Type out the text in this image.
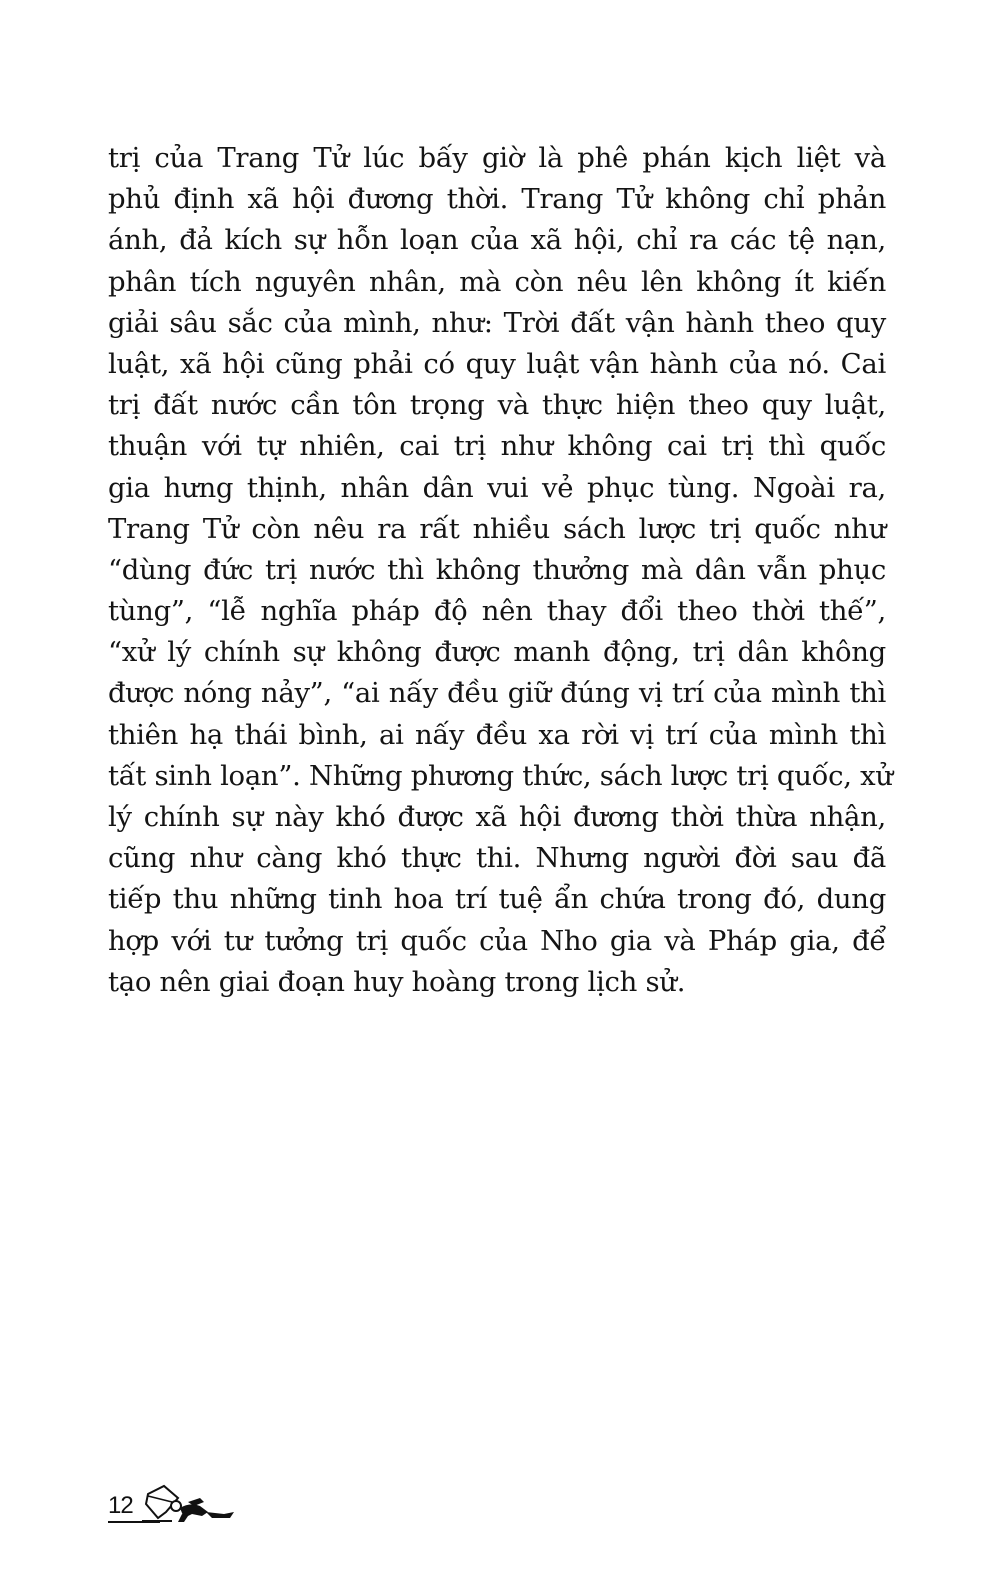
trị của Trang Tử lúc bấy giờ là phê phán kịch liệt và
phủ định xã hội đương thời. Trang Tử không chỉ phản
ánh, đả kích sự hỗn loạn của xã hội, chỉ ra các tệ nạn,
phân tích nguyên nhân, mà còn nêu lên không ít kiến
giải sâu sắc của mình, như: Trời đất vận hành theo quy
luật, xã hội cũng phải có quy luật vận hành của nó. Cai
trị đất nước cần tôn trọng và thực hiện theo quy luật,
thuận với tự nhiên, cai trị như không cai trị thì quốc
gia hưng thịnh, nhân dân vui vẻ phục tùng. Ngoài ra,
Trang Tử còn nêu ra rất nhiều sách lược trị quốc như
“dùng đức trị nước thì không thưởng mà dân vẫn phục
tùng”, “lễ nghĩa pháp độ nên thay đổi theo thời thế”,
“xử lý chính sự không được manh động, trị dân không
được nóng nảy”, “ai nấy đều giữ đúng vị trí của mình thì
thiên hạ thái bình, ai nấy đều xa rời vị trí của mình thì
tất sinh loạn”. Những phương thức, sách lược trị quốc, xử
lý chính sự này khó được xã hội đương thời thừa nhận,
cũng như càng khó thực thi. Nhưng người đời sau đã
tiếp thu những tinh hoa trí tuệ ẩn chứa trong đó, dung
hợp với tư tưởng trị quốc của Nho gia và Pháp gia, để
tạo nên giai đoạn huy hoàng trong lịch sử.
12
